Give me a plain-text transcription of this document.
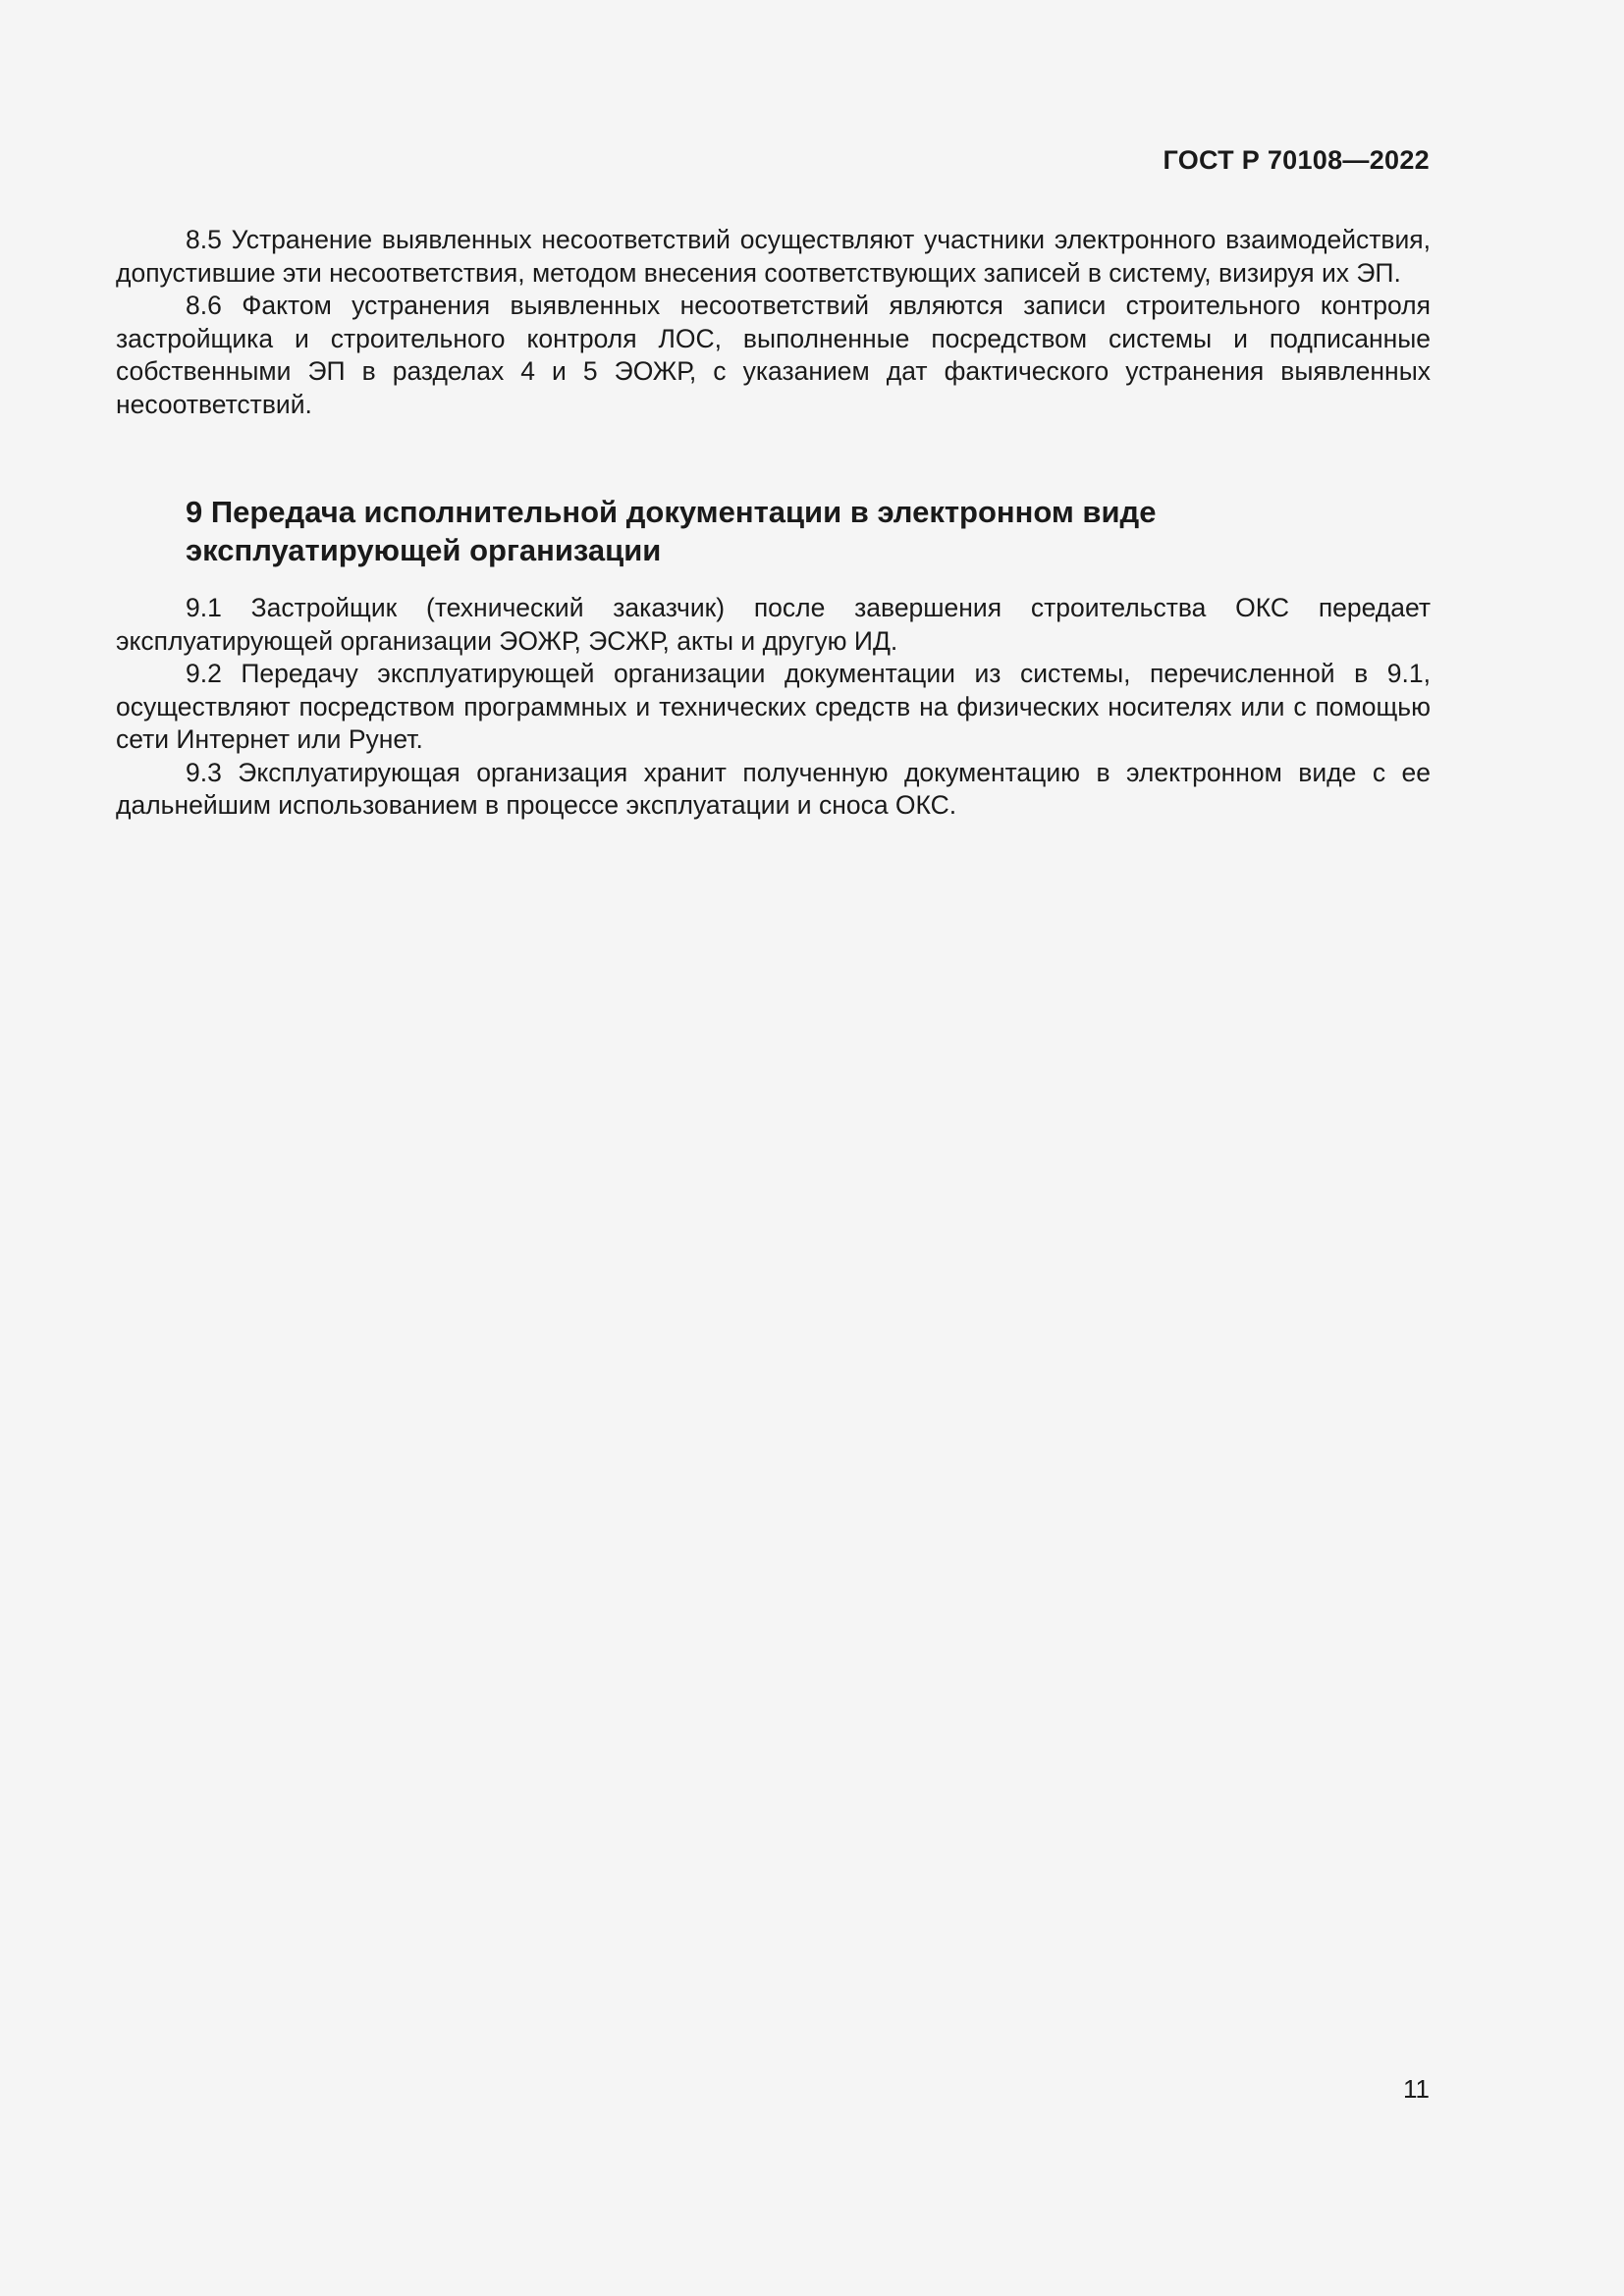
ГОСТ Р 70108—2022

8.5 Устранение выявленных несоответствий осуществляют участники электронного взаимодействия, допустившие эти несоответствия, методом внесения соответствующих записей в систему, визируя их ЭП.

8.6 Фактом устранения выявленных несоответствий являются записи строительного контроля застройщика и строительного контроля ЛОС, выполненные посредством системы и подписанные собственными ЭП в разделах 4 и 5 ЭОЖР, с указанием дат фактического устранения выявленных несоответствий.

9 Передача исполнительной документации в электронном виде
эксплуатирующей организации

9.1 Застройщик (технический заказчик) после завершения строительства ОКС передает эксплуатирующей организации ЭОЖР, ЭСЖР, акты и другую ИД.

9.2 Передачу эксплуатирующей организации документации из системы, перечисленной в 9.1, осуществляют посредством программных и технических средств на физических носителях или с помощью сети Интернет или Рунет.

9.3 Эксплуатирующая организация хранит полученную документацию в электронном виде с ее дальнейшим использованием в процессе эксплуатации и сноса ОКС.

11
